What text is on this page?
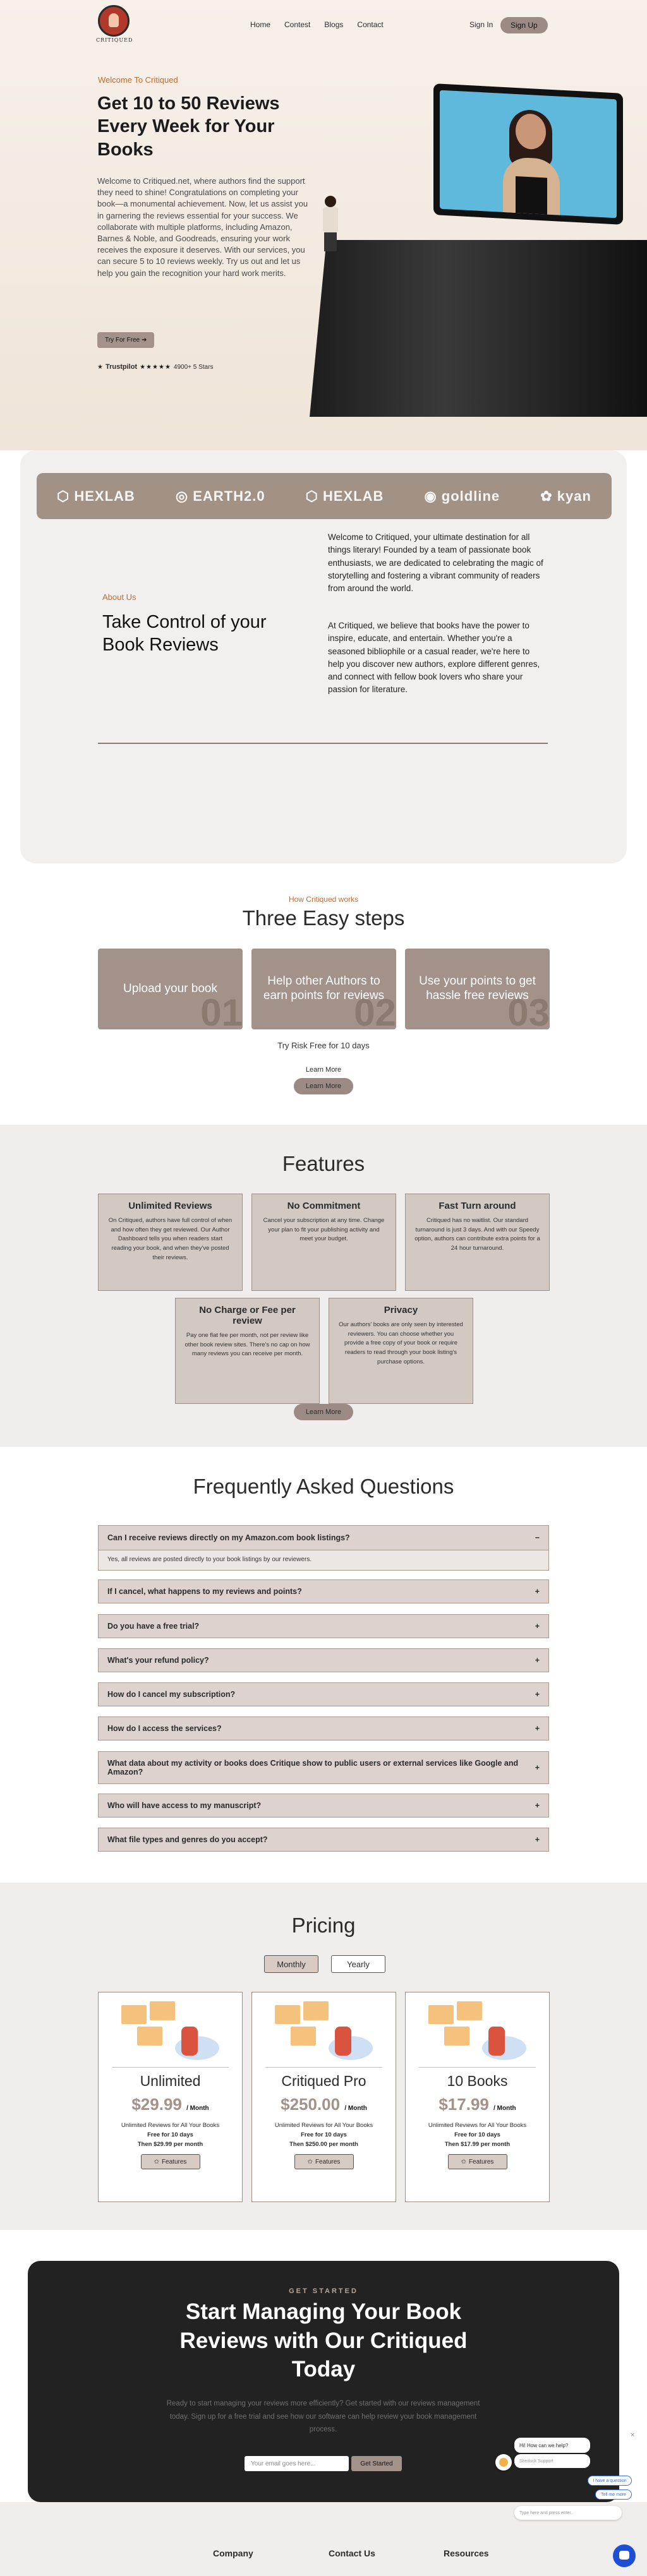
CRITIQUED
Home Contest Blogs Contact	Sign In	Sign Up
Welcome To Critiqued
Get 10 to 50 Reviews Every Week for Your Books

Welcome to Critiqued.net, where authors find the support they need to shine! Congratulations on completing your book—a monumental achievement. Now, let us assist you in garnering the reviews essential for your success. We collaborate with multiple platforms, including Amazon, Barnes & Noble, and Goodreads, ensuring your work receives the exposure it deserves. With our services, you can secure 5 to 10 reviews weekly. Try us out and let us help you gain the recognition your hard work merits.

Try For Free ➔
★ Trustpilot ★★★★★ 4900+ 5 Stars
⬡ HEXLAB	◎ EARTH2.0	⬡ HEXLAB	◉ goldline	✿ kyan
About Us
Take Control of your Book Reviews

Welcome to Critiqued, your ultimate destination for all things literary! Founded by a team of passionate book enthusiasts, we are dedicated to celebrating the magic of storytelling and fostering a vibrant community of readers from around the world.

At Critiqued, we believe that books have the power to inspire, educate, and entertain. Whether you're a seasoned bibliophile or a casual reader, we're here to help you discover new authors, explore different genres, and connect with fellow book lovers who share your passion for literature.

How Critiqued works
Three Easy steps
Upload your book
01
Help other Authors to earn points for reviews
02
Use your points to get hassle free reviews
03
Try Risk Free for 10 days
Learn More
Learn More
Features
Unlimited Reviews
On Critiqued, authors have full control of when and how often they get reviewed. Our Author Dashboard tells you when readers start reading your book, and when they've posted their reviews.
No Commitment
Cancel your subscription at any time. Change your plan to fit your publishing activity and meet your budget.
Fast Turn around
Critiqued has no waitlist. Our standard turnaround is just 3 days. And with our Speedy option, authors can contribute extra points for a 24 hour turnaround.
No Charge or Fee per review
Pay one flat fee per month, not per review like other book review sites. There's no cap on how many reviews you can receive per month.
Privacy
Our authors' books are only seen by interested reviewers. You can choose whether you provide a free copy of your book or require readers to read through your book listing's purchase options.
Learn More
Frequently Asked Questions
Can I receive reviews directly on my Amazon.com book listings?	−
Yes, all reviews are posted directly to your book listings by our reviewers.
If I cancel, what happens to my reviews and points?	+
Do you have a free trial?	+
What's your refund policy?	+
How do I cancel my subscription?	+
How do I access the services?	+
What data about my activity or books does Critique show to public users or external services like Google and Amazon?	+
Who will have access to my manuscript?	+
What file types and genres do you accept?	+
Pricing
Monthly	Yearly
Unlimited
$29.99 / Month
Unlimited Reviews for All Your Books
Free for 10 days
Then $29.99 per month
✩ Features
Critiqued Pro
$250.00 / Month
Unlimited Reviews for All Your Books
Free for 10 days
Then $250.00 per month
✩ Features
10 Books
$17.99 / Month
Unlimited Reviews for All Your Books
Free for 10 days
Then $17.99 per month
✩ Features
GET STARTED
Start Managing Your Book Reviews with Our Critiqued Today

Ready to start managing your reviews more efficiently? Get started with our reviews management today. Sign up for a free trial and see how our software can help review your book management process.

Your email goes here...	Get Started
Company	Contact Us	Resources
×
Hi! How can we help?
Sherlock Support
I have a question
Tell me more
Type here and press enter..
